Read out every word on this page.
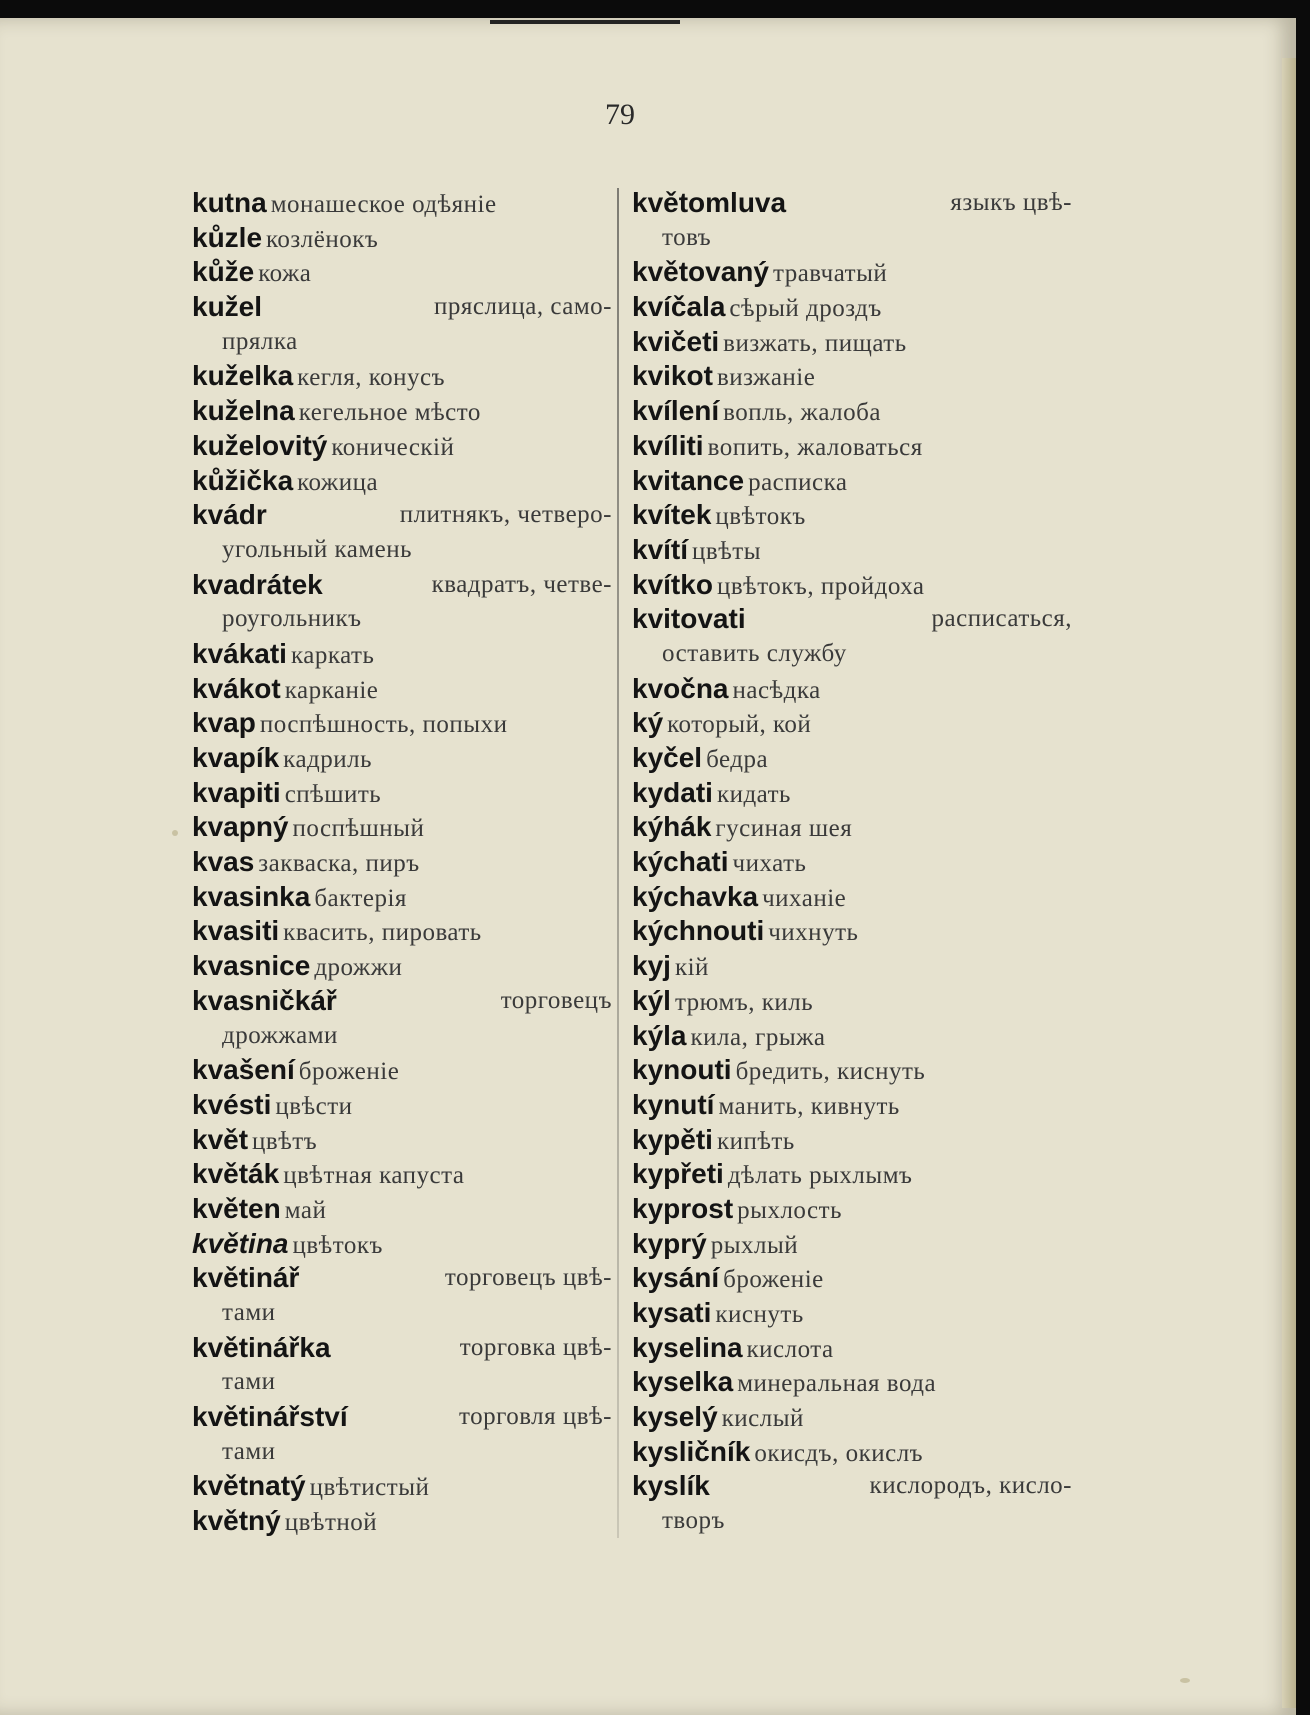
79
kutna монашеское одѣяніе
kůzle козлёнокъ
kůže кожа
kužel	пряслица, само-
прялка
kuželka кегля, конусъ
kuželna кегельное мѣсто
kuželovitý коническій
kůžička кожица
kvádr	плитнякъ, четверо-
угольный камень
kvadrátek	квадратъ, четве-
роугольникъ
kvákati каркать
kvákot карканіе
kvap поспѣшность, попыхи
kvapík кадриль
kvapiti спѣшить
kvapný поспѣшный
kvas закваска, пиръ
kvasinka бактерія
kvasiti квасить, пировать
kvasnice дрожжи
kvasničkář	торговецъ
дрожжами
kvašení броженіе
kvésti цвѣсти
květ цвѣтъ
květák цвѣтная капуста
květen май
květina цвѣтокъ
květinář	торговецъ цвѣ-
тами
květinářka	торговка цвѣ-
тами
květinářství	торговля цвѣ-
тами
květnatý цвѣтистый
květný цвѣтной
květomluva	языкъ цвѣ-
товъ
květovaný травчатый
kvíčala сѣрый дроздъ
kvičeti визжать, пищать
kvikot визжаніе
kvílení вопль, жалоба
kvíliti вопить, жаловаться
kvitance расписка
kvítek цвѣтокъ
kvítí цвѣты
kvítko цвѣтокъ, пройдоха
kvitovati	расписаться,
оставить службу
kvočna насѣдка
ký который, кой
kyčel бедра
kydati кидать
kýhák гусиная шея
kýchati чихать
kýchavka чиханіе
kýchnouti чихнуть
kyj кій
kýl трюмъ, киль
kýla кила, грыжа
kynouti бредить, киснуть
kynutí манить, кивнуть
kypěti кипѣть
kypřeti дѣлать рыхлымъ
kyprost рыхлость
kyprý рыхлый
kysání броженіе
kysati киснуть
kyselina кислота
kyselka минеральная вода
kyselý кислый
kysličník окисдъ, окислъ
kyslík	кислородъ, кисло-
творъ
